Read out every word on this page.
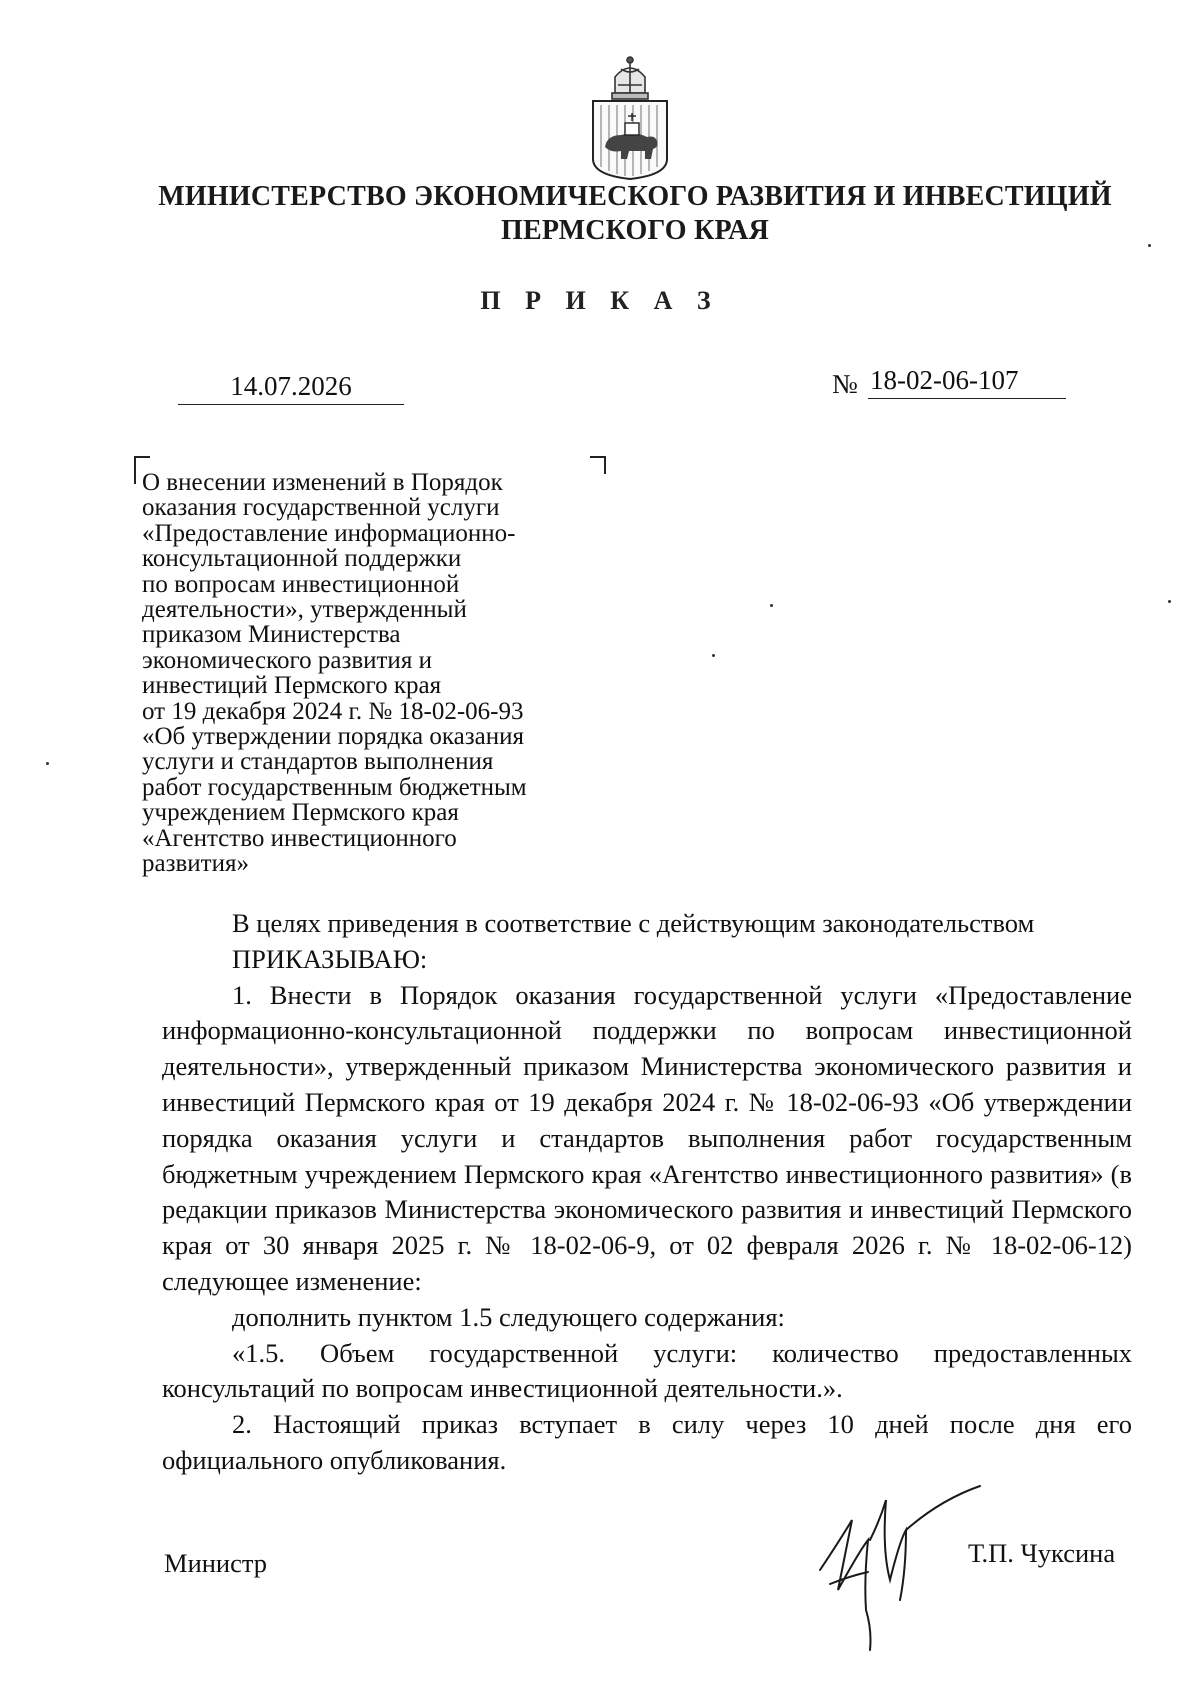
МИНИСТЕРСТВО ЭКОНОМИЧЕСКОГО РАЗВИТИЯ И ИНВЕСТИЦИЙ
ПЕРМСКОГО КРАЯ
П Р И К А З
14.07.2026	№ 18-02-06-107
О внесении изменений в Порядок
оказания государственной услуги
«Предоставление информационно-
консультационной поддержки
по вопросам инвестиционной
деятельности», утвержденный
приказом Министерства
экономического развития и
инвестиций Пермского края
от 19 декабря 2024 г. № 18-02-06-93
«Об утверждении порядка оказания
услуги и стандартов выполнения
работ государственным бюджетным
учреждением Пермского края
«Агентство инвестиционного
развития»

В целях приведения в соответствие с действующим законодательством

ПРИКАЗЫВАЮ:

1. Внести в Порядок оказания государственной услуги «Предоставление информационно-консультационной поддержки по вопросам инвестиционной деятельности», утвержденный приказом Министерства экономического развития и инвестиций Пермского края от 19 декабря 2024 г. № 18-02-06-93 «Об утверждении порядка оказания услуги и стандартов выполнения работ государственным бюджетным учреждением Пермского края «Агентство инвестиционного развития» (в редакции приказов Министерства экономического развития и инвестиций Пермского края от 30 января 2025 г. № 18-02-06-9, от 02 февраля 2026 г. № 18-02-06-12) следующее изменение:

дополнить пунктом 1.5 следующего содержания:

«1.5. Объем государственной услуги: количество предоставленных консультаций по вопросам инвестиционной деятельности.».

2. Настоящий приказ вступает в силу через 10 дней после дня его официального опубликования.

Министр	Т.П. Чуксина
